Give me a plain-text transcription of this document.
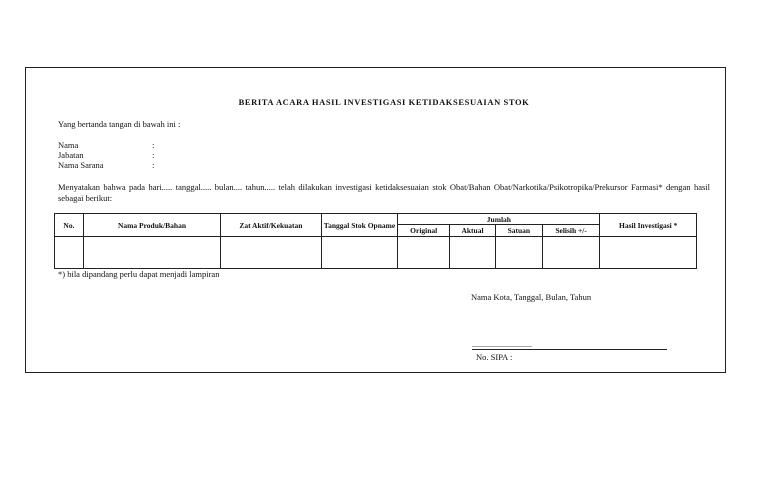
BERITA ACARA HASIL INVESTIGASI KETIDAKSESUAIAN STOK
Yang bertanda tangan di bawah ini :
Nama	:
Jabatan	:
Nama Sarana	:
Menyatakan bahwa pada hari..... tanggal..... bulan.... tahun..... telah dilakukan investigasi ketidaksesuaian stok Obat/Bahan Obat/Narkotika/Psikotropika/Prekursor Farmasi* dengan hasil sebagai berikut:
No.	Nama Produk/Bahan	Zat Aktif/Kekuatan	Tanggal Stok Opname	Jumlah				Hasil Investigasi *
				Original	Aktual	Satuan	Selisih +/-	

*) bila dipandang perlu dapat menjadi lampiran
Nama Kota, Tanggal, Bulan, Tahun
..............................
No. SIPA :
